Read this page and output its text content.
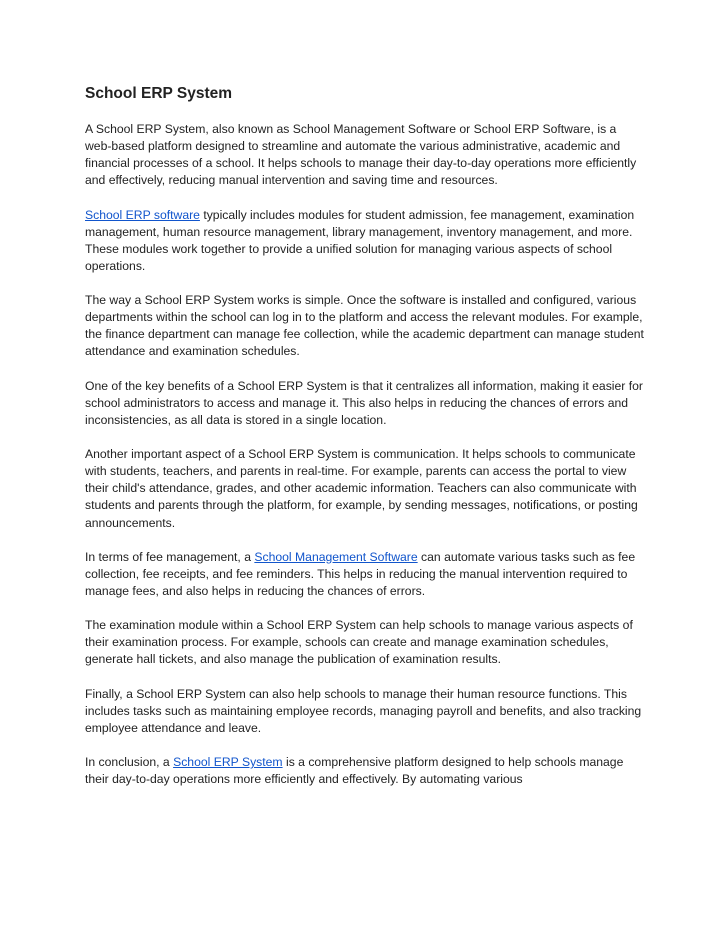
School ERP System

A School ERP System, also known as School Management Software or School ERP Software, is a web-based platform designed to streamline and automate the various administrative, academic and financial processes of a school. It helps schools to manage their day-to-day operations more efficiently and effectively, reducing manual intervention and saving time and resources.

School ERP software typically includes modules for student admission, fee management, examination management, human resource management, library management, inventory management, and more. These modules work together to provide a unified solution for managing various aspects of school operations.

The way a School ERP System works is simple. Once the software is installed and configured, various departments within the school can log in to the platform and access the relevant modules. For example, the finance department can manage fee collection, while the academic department can manage student attendance and examination schedules.

One of the key benefits of a School ERP System is that it centralizes all information, making it easier for school administrators to access and manage it. This also helps in reducing the chances of errors and inconsistencies, as all data is stored in a single location.

Another important aspect of a School ERP System is communication. It helps schools to communicate with students, teachers, and parents in real-time. For example, parents can access the portal to view their child's attendance, grades, and other academic information. Teachers can also communicate with students and parents through the platform, for example, by sending messages, notifications, or posting announcements.

In terms of fee management, a School Management Software can automate various tasks such as fee collection, fee receipts, and fee reminders. This helps in reducing the manual intervention required to manage fees, and also helps in reducing the chances of errors.

The examination module within a School ERP System can help schools to manage various aspects of their examination process. For example, schools can create and manage examination schedules, generate hall tickets, and also manage the publication of examination results.

Finally, a School ERP System can also help schools to manage their human resource functions. This includes tasks such as maintaining employee records, managing payroll and benefits, and also tracking employee attendance and leave.

In conclusion, a School ERP System is a comprehensive platform designed to help schools manage their day-to-day operations more efficiently and effectively. By automating various
